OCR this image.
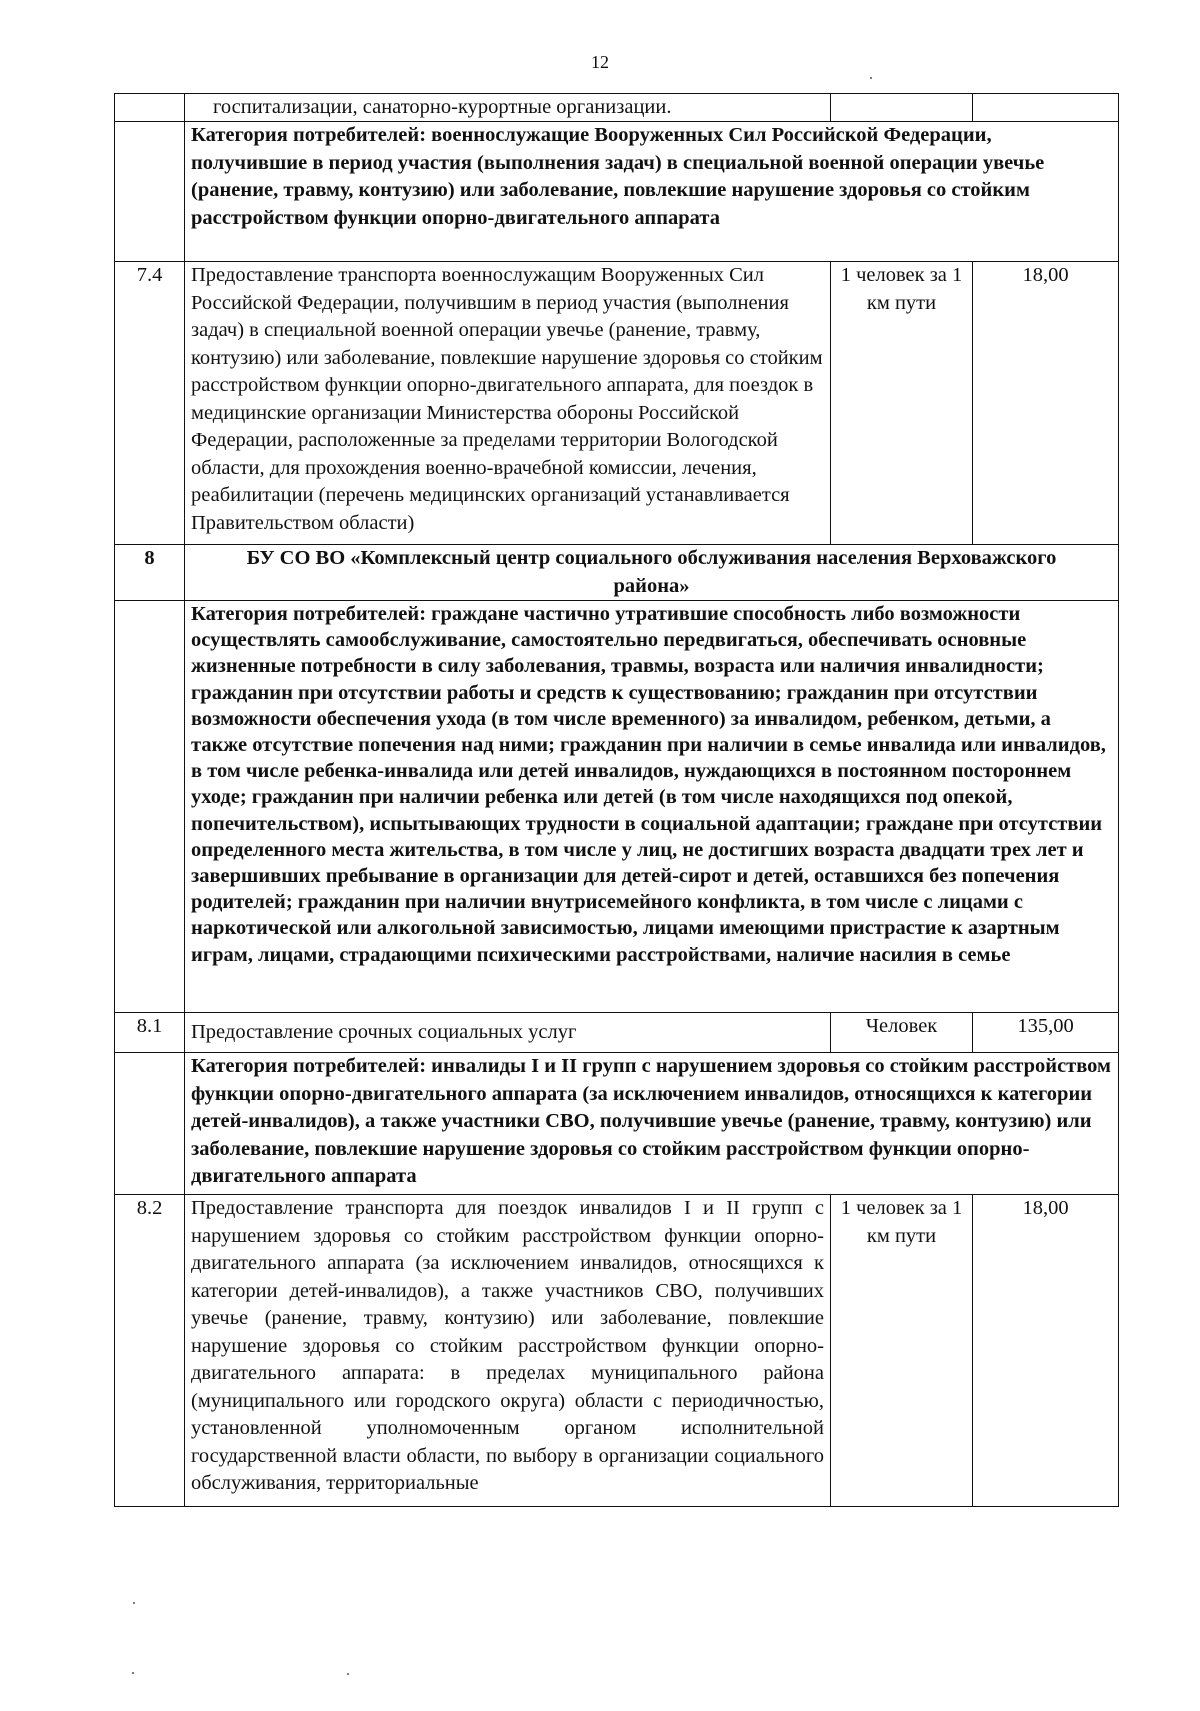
12
	госпитализации, санаторно-курортные организации.		
	Категория потребителей: военнослужащие Вооруженных Сил Российской Федерации, получившие в период участия (выполнения задач) в специальной военной операции увечье (ранение, травму, контузию) или заболевание, повлекшие нарушение здоровья со стойким расстройством функции опорно-двигательного аппарата		
7.4	Предоставление транспорта военнослужащим Вооруженных Сил Российской Федерации, получившим в период участия (выполнения задач) в специальной военной операции увечье (ранение, травму, контузию) или заболевание, повлекшие нарушение здоровья со стойким расстройством функции опорно-двигательного аппарата, для поездок в медицинские организации Министерства обороны Российской Федерации, расположенные за пределами территории Вологодской области, для прохождения военно-врачебной комиссии, лечения, реабилитации (перечень медицинских организаций устанавливается Правительством области)	1 человек за 1 км пути	18,00
8	БУ СО ВО «Комплексный центр социального обслуживания населения Верховажского района»		
	Категория потребителей: граждане частично утратившие способность либо возможности осуществлять самообслуживание, самостоятельно передвигаться, обеспечивать основные жизненные потребности в силу заболевания, травмы, возраста или наличия инвалидности; гражданин при отсутствии работы и средств к существованию; гражданин при отсутствии возможности обеспечения ухода (в том числе временного) за инвалидом, ребенком, детьми, а также отсутствие попечения над ними; гражданин при наличии в семье инвалида или инвалидов, в том числе ребенка-инвалида или детей инвалидов, нуждающихся в постоянном постороннем уходе; гражданин при наличии ребенка или детей (в том числе находящихся под опекой, попечительством), испытывающих трудности в социальной адаптации; граждане при отсутствии определенного места жительства, в том числе у лиц, не достигших возраста двадцати трех лет и завершивших пребывание в организации для детей-сирот и детей, оставшихся без попечения родителей; гражданин при наличии внутрисемейного конфликта, в том числе с лицами с наркотической или алкогольной зависимостью, лицами имеющими пристрастие к азартным играм, лицами, страдающими психическими расстройствами, наличие насилия в семье		
8.1	Предоставление срочных социальных услуг	Человек	135,00
	Категория потребителей: инвалиды I и II групп с нарушением здоровья со стойким расстройством функции опорно-двигательного аппарата (за исключением инвалидов, относящихся к категории детей-инвалидов), а также участники СВО, получившие увечье (ранение, травму, контузию) или заболевание, повлекшие нарушение здоровья со стойким расстройством функции опорно-двигательного аппарата		
8.2	Предоставление транспорта для поездок инвалидов I и II групп с нарушением здоровья со стойким расстройством функции опорно-двигательного аппарата (за исключением инвалидов, относящихся к категории детей-инвалидов), а также участников СВО, получивших увечье (ранение, травму, контузию) или заболевание, повлекшие нарушение здоровья со стойким расстройством функции опорно-двигательного аппарата: в пределах муниципального района (муниципального или городского округа) области с периодичностью, установленной уполномоченным органом исполнительной государственной власти области, по выбору в организации социального обслуживания, территориальные	1 человек за 1 км пути	18,00
